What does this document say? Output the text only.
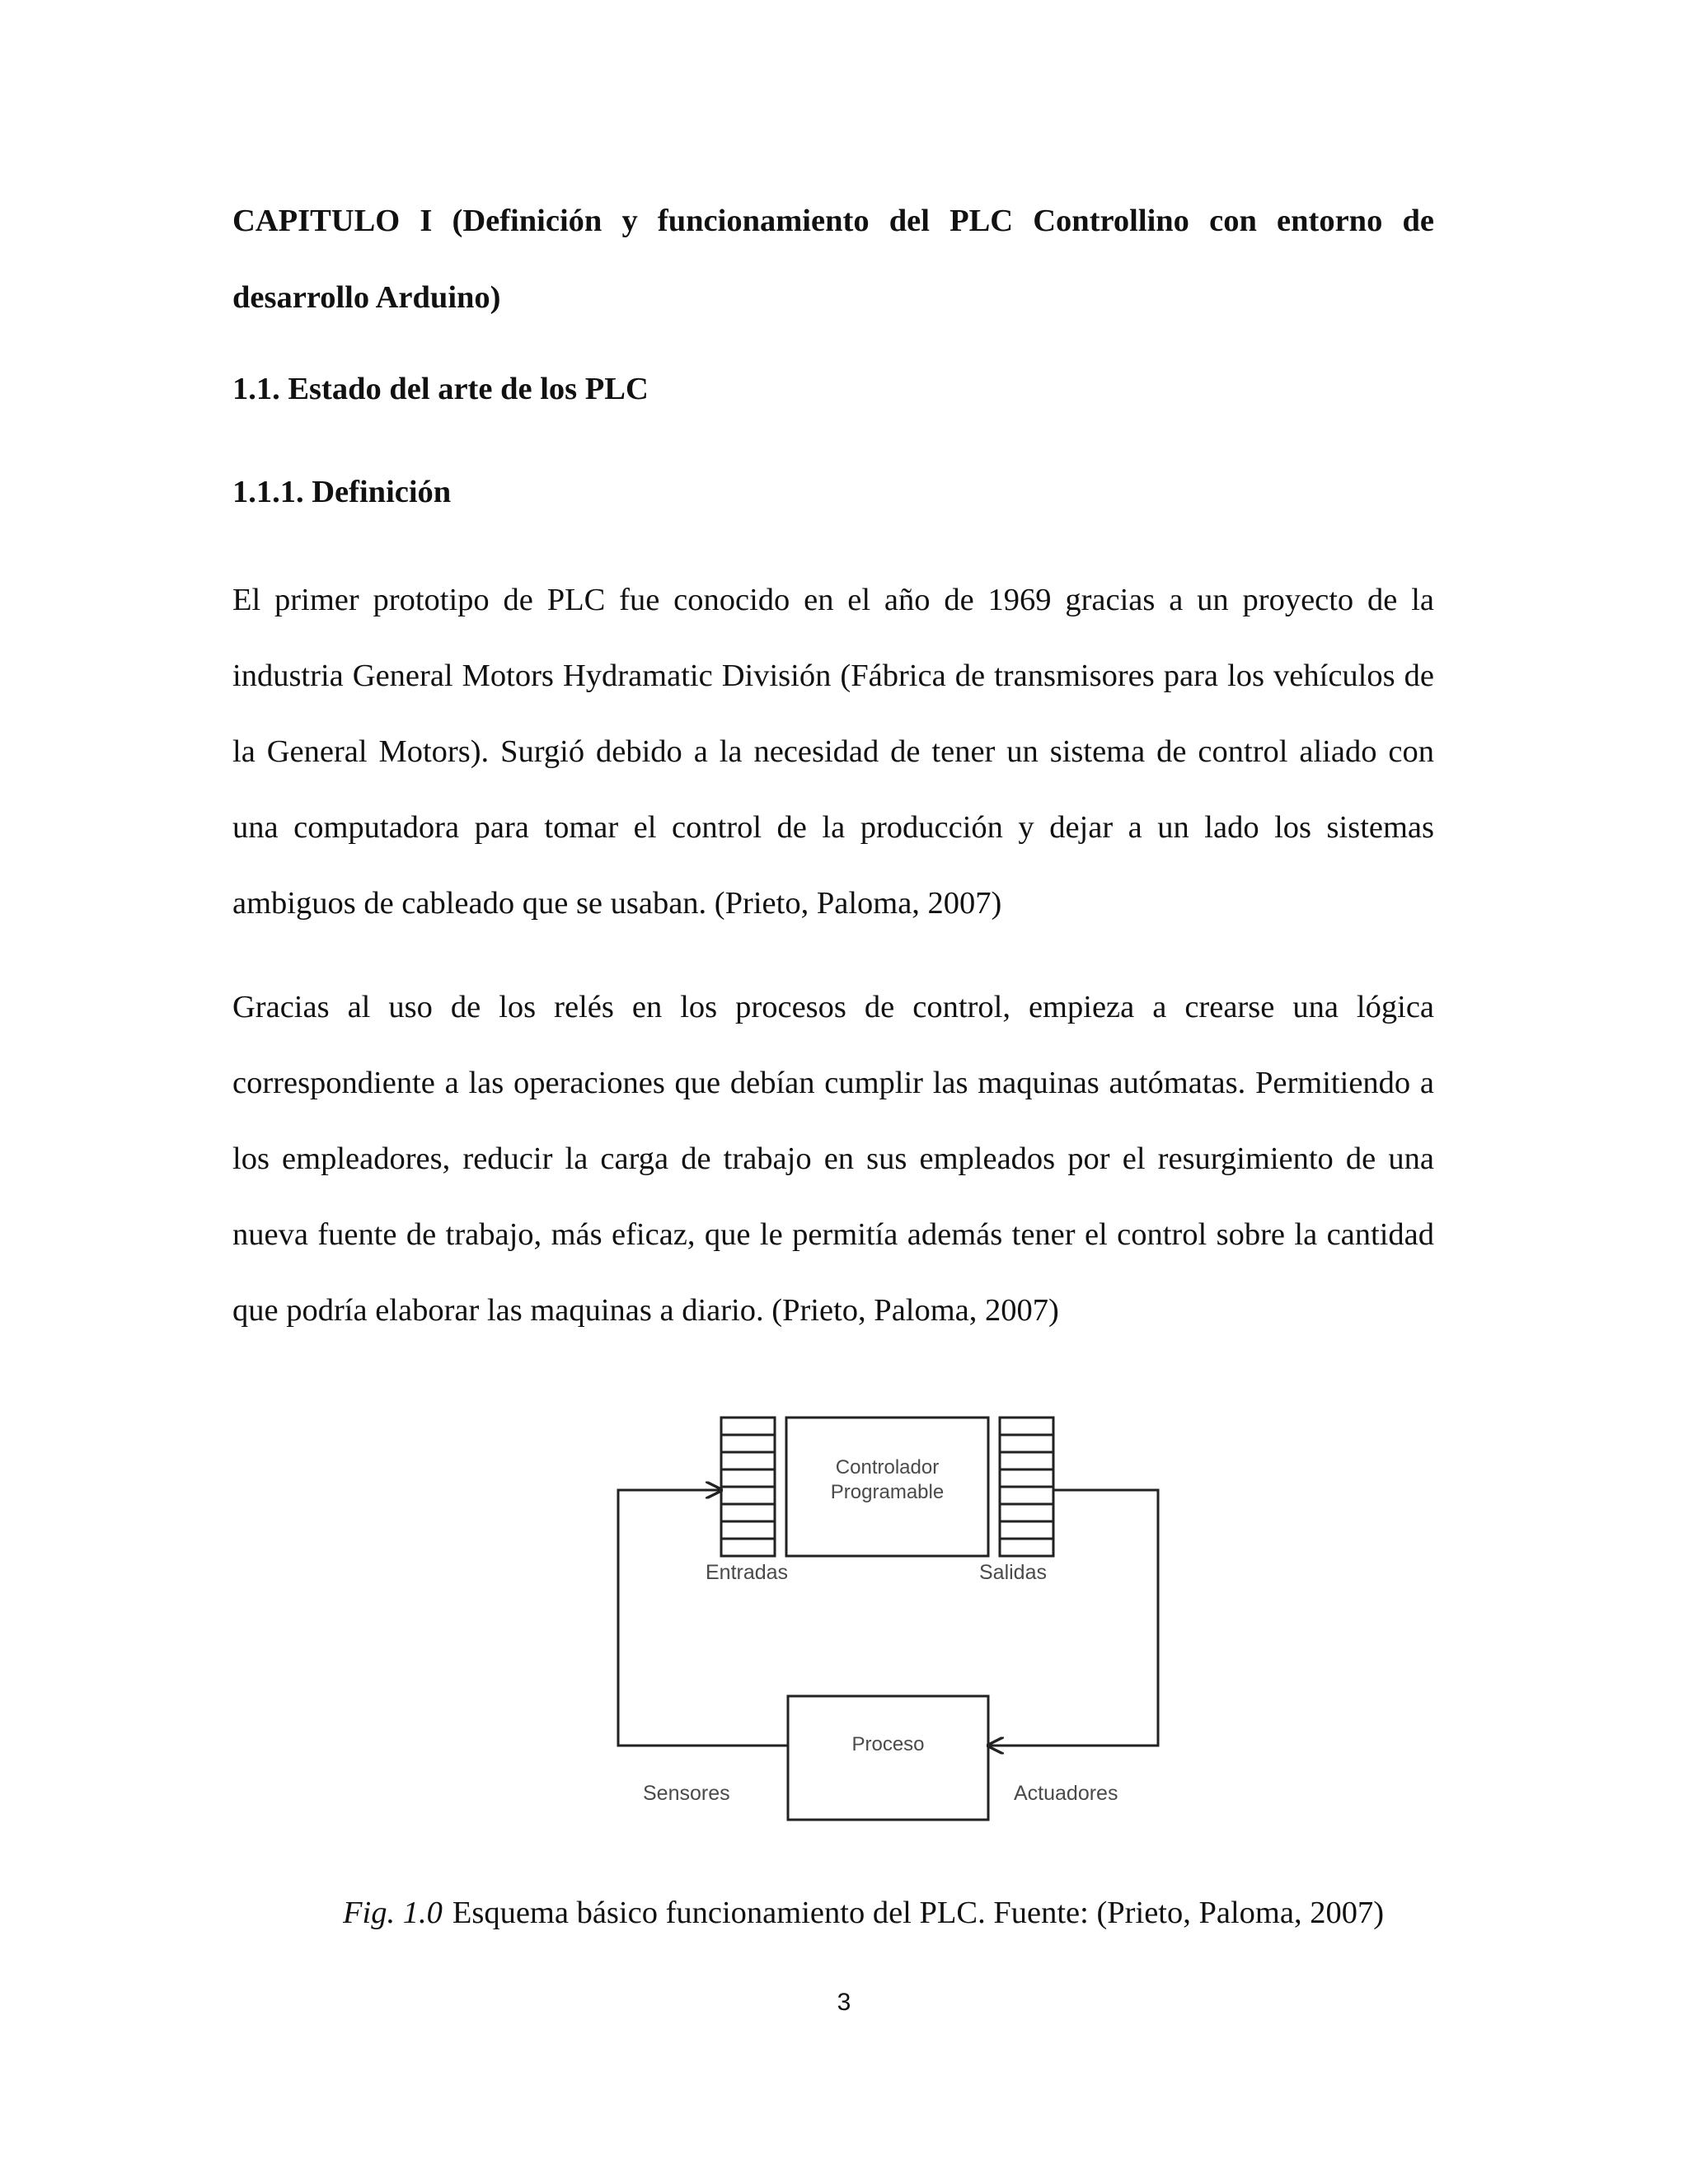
CAPITULO I (Definición y funcionamiento del PLC Controllino con entorno de desarrollo Arduino)

1.1. Estado del arte de los PLC
1.1.1. Definición

El primer prototipo de PLC fue conocido en el año de 1969 gracias a un proyecto de la industria General Motors Hydramatic División (Fábrica de transmisores para los vehículos de la General Motors). Surgió debido a la necesidad de tener un sistema de control aliado con una computadora para tomar el control de la producción y dejar a un lado los sistemas ambiguos de cableado que se usaban. (Prieto, Paloma, 2007)

Gracias al uso de los relés en los procesos de control, empieza a crearse una lógica correspondiente a las operaciones que debían cumplir las maquinas autómatas. Permitiendo a los empleadores, reducir la carga de trabajo en sus empleados por el resurgimiento de una nueva fuente de trabajo, más eficaz, que le permitía además tener el control sobre la cantidad que podría elaborar las maquinas a diario. (Prieto, Paloma, 2007)

Controlador
Programable
Entradas	Salidas
Proceso
Sensores	Actuadores

Fig. 1.0 Esquema básico funcionamiento del PLC. Fuente: (Prieto, Paloma, 2007)

3
